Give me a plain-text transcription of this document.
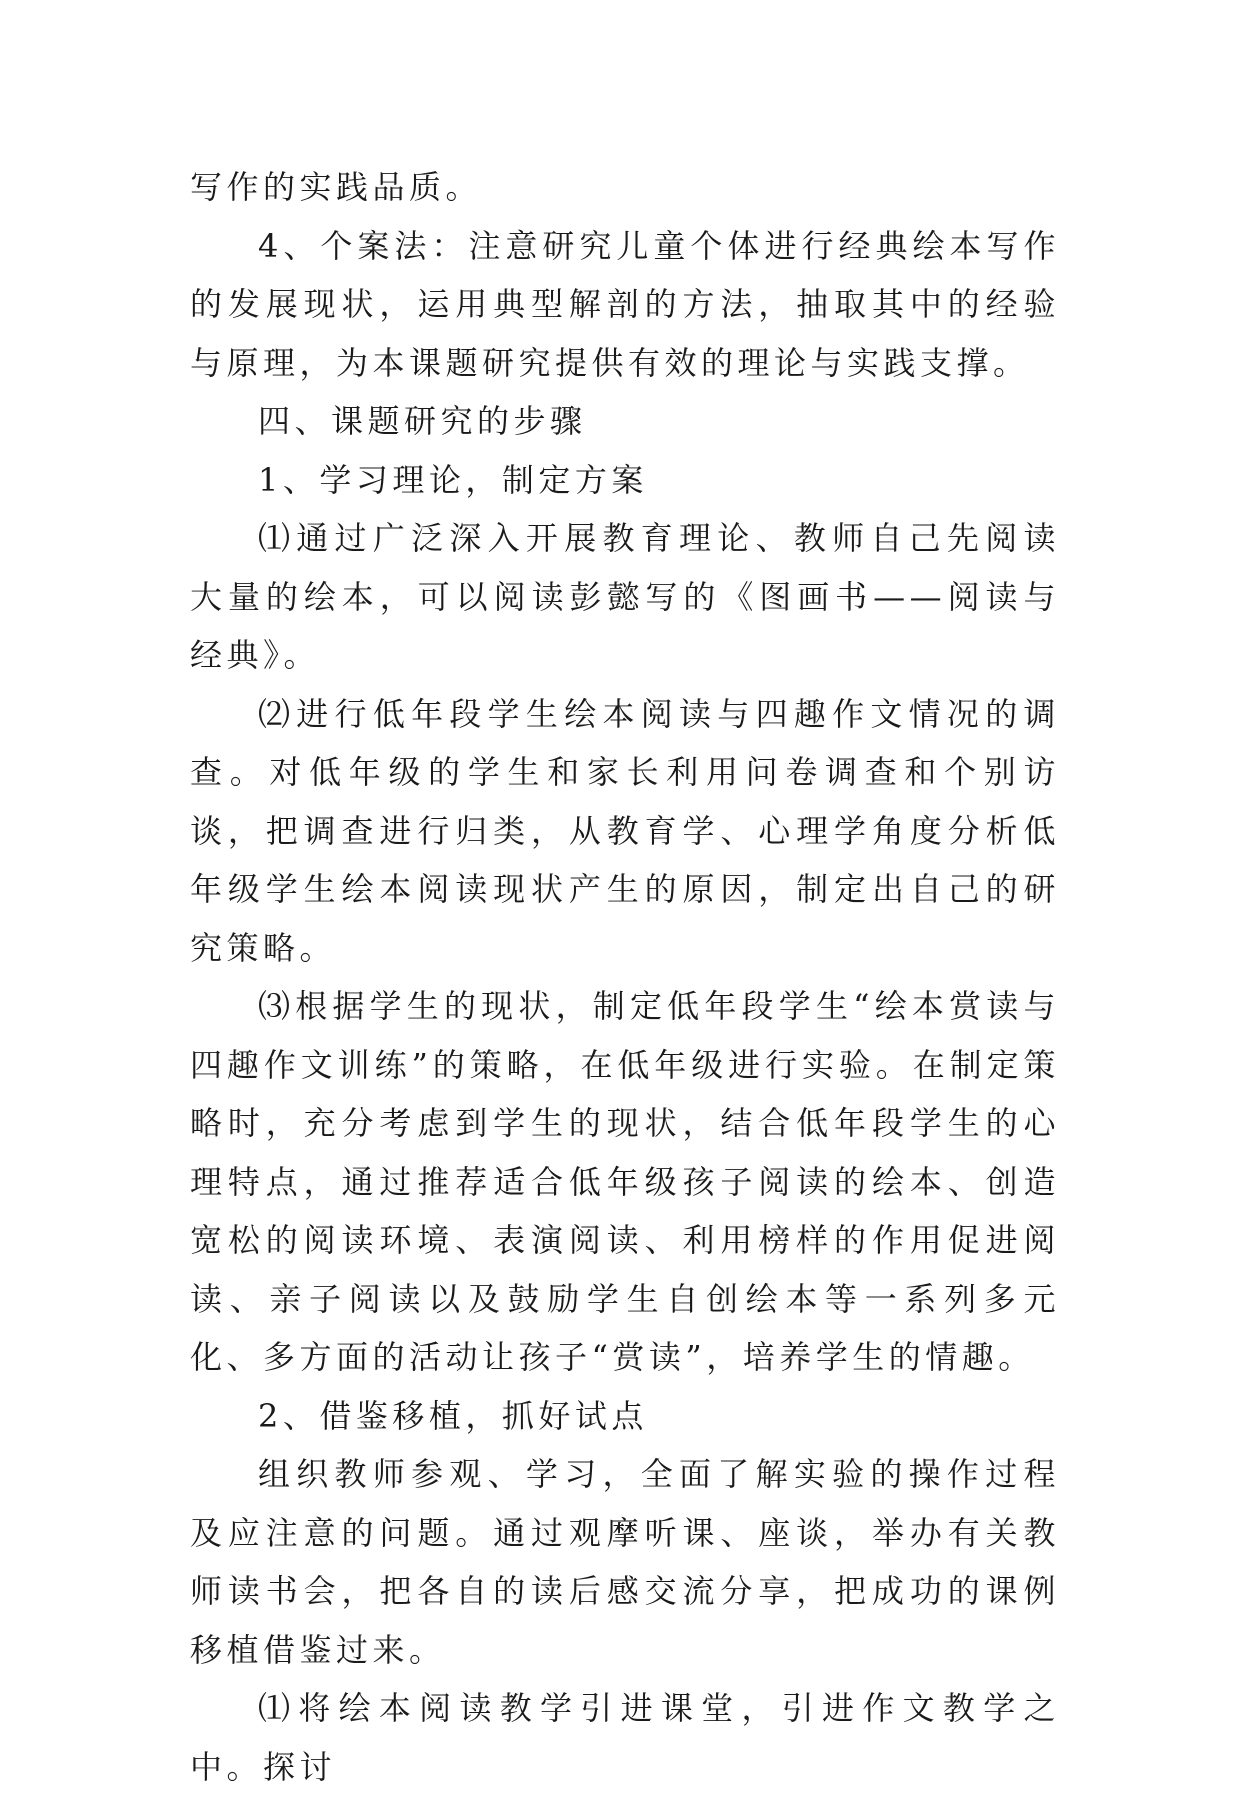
写作的实践品质。

4、个案法：注意研究儿童个体进行经典绘本写作的发展现状，运用典型解剖的方法，抽取其中的经验与原理，为本课题研究提供有效的理论与实践支撑。

四、课题研究的步骤

1、学习理论，制定方案

⑴通过广泛深入开展教育理论、教师自己先阅读大量的绘本，可以阅读彭懿写的《图画书——阅读与经典》。

⑵进行低年段学生绘本阅读与四趣作文情况的调查。对低年级的学生和家长利用问卷调查和个别访谈，把调查进行归类，从教育学、心理学角度分析低年级学生绘本阅读现状产生的原因，制定出自己的研究策略。

⑶根据学生的现状，制定低年段学生“绘本赏读与四趣作文训练”的策略，在低年级进行实验。在制定策略时，充分考虑到学生的现状，结合低年段学生的心理特点，通过推荐适合低年级孩子阅读的绘本、创造宽松的阅读环境、表演阅读、利用榜样的作用促进阅读、亲子阅读以及鼓励学生自创绘本等一系列多元化、多方面的活动让孩子“赏读”，培养学生的情趣。

2、借鉴移植，抓好试点

组织教师参观、学习，全面了解实验的操作过程及应注意的问题。通过观摩听课、座谈，举办有关教师读书会，把各自的读后感交流分享，把成功的课例移植借鉴过来。

⑴将绘本阅读教学引进课堂，引进作文教学之中。探讨
